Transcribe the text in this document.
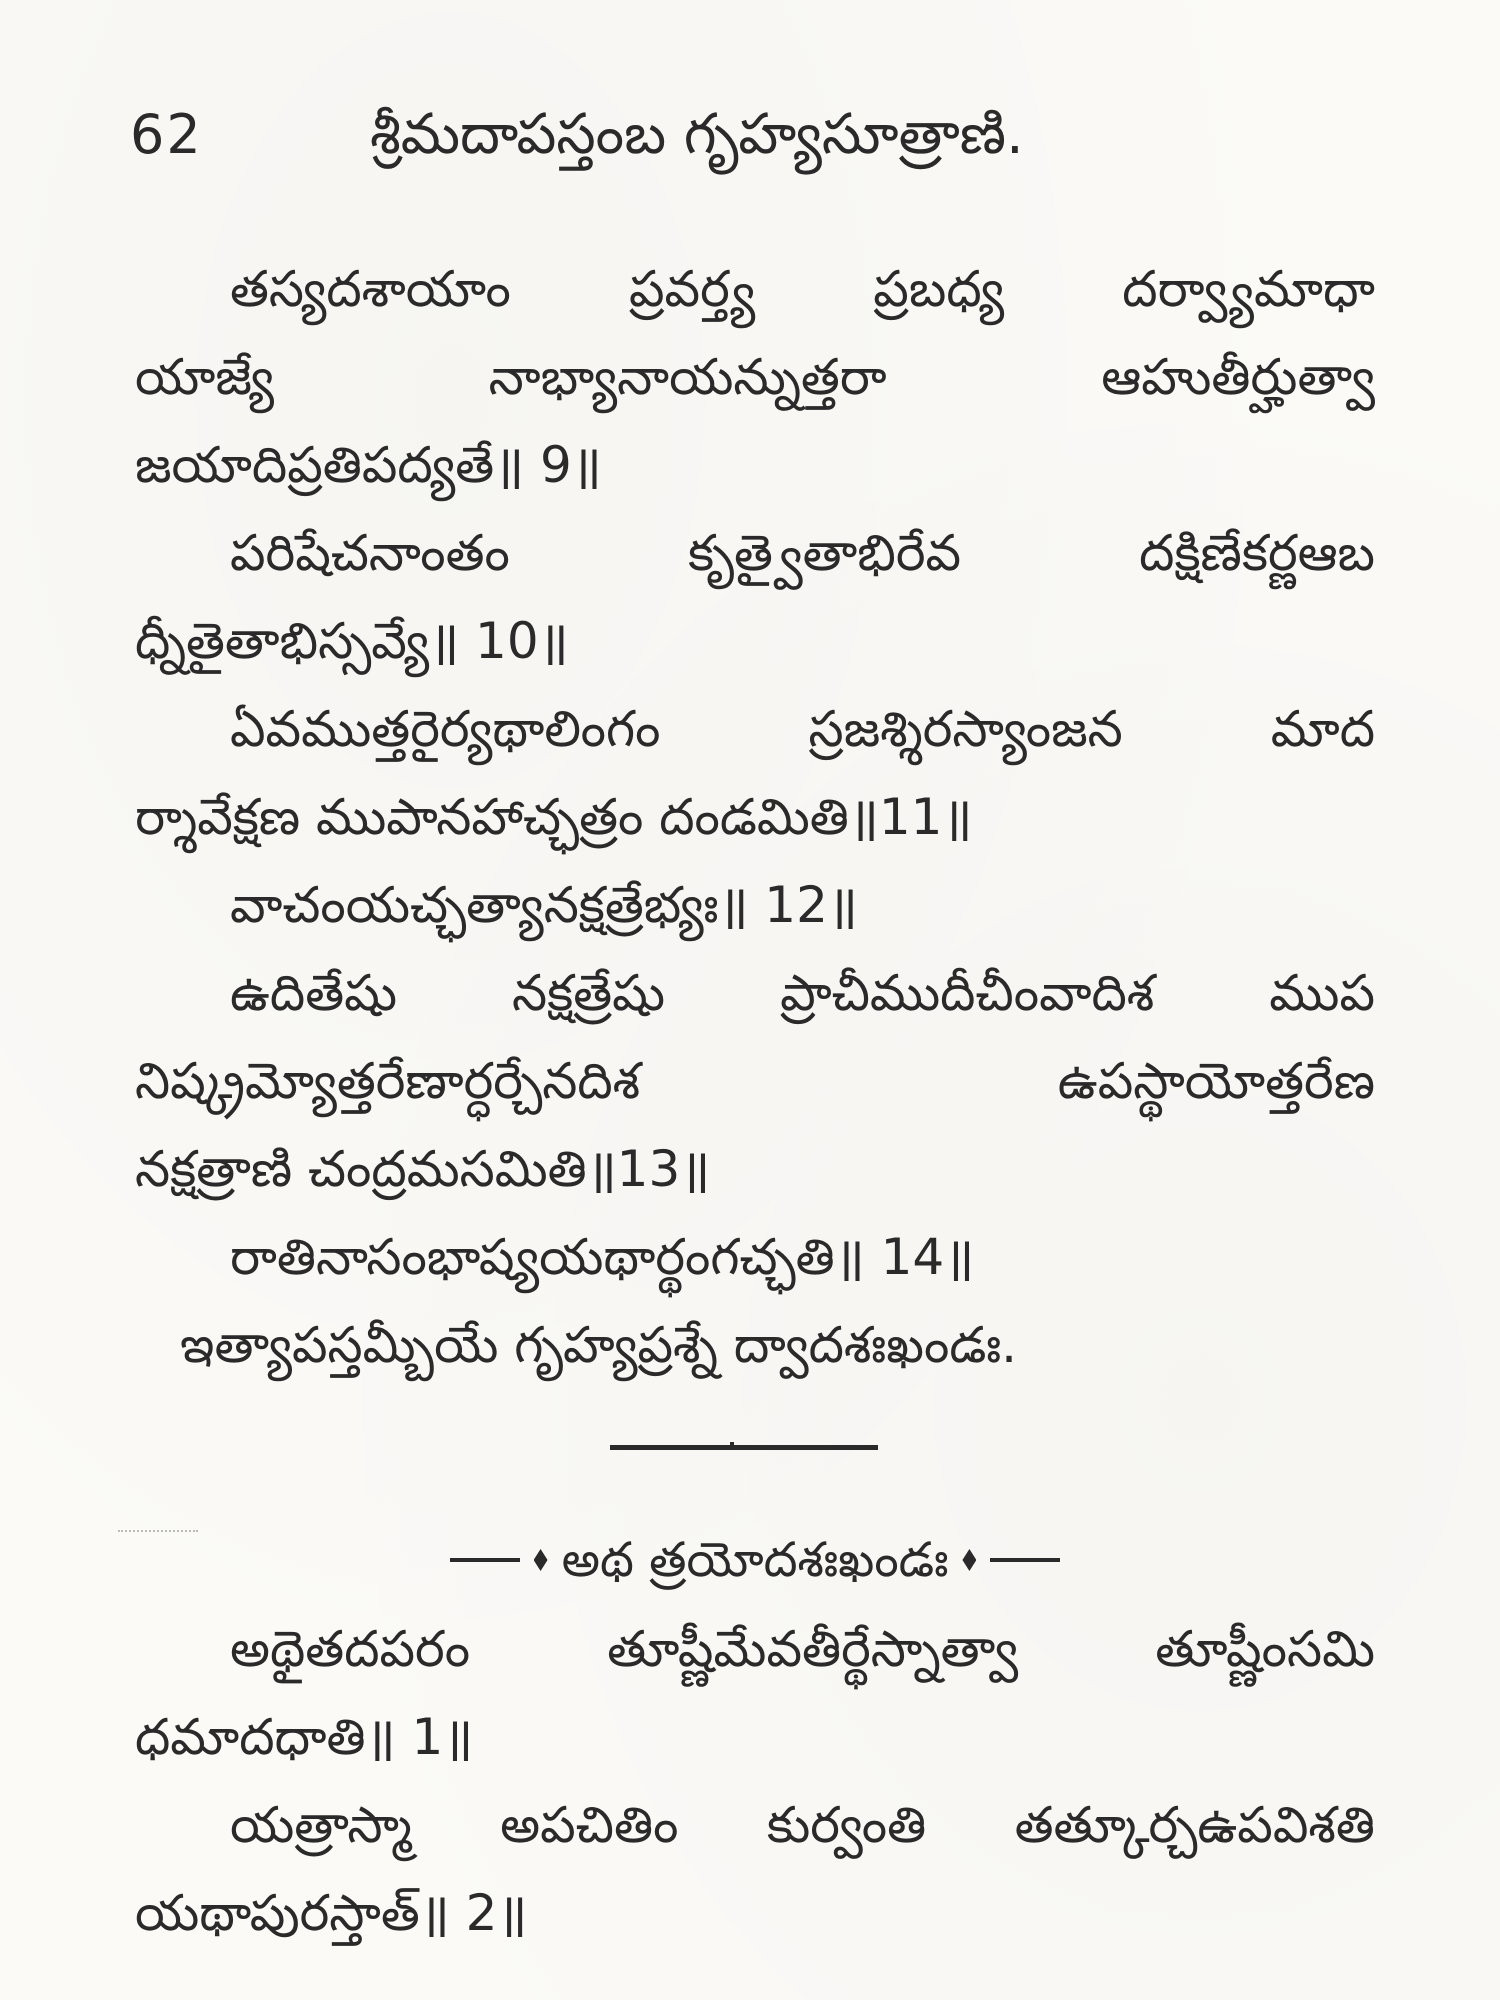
62	శ్రీమదాపస్తంబ గృహ్యసూత్రాణి.
తస్యదశాయాం ప్రవర్త్య ప్రబధ్య దర్వ్యామాధా
యాజ్యే నాభ్యానాయన్నుత్తరా ఆహుతీర్హుత్వా
జయాదిప్రతిపద్యతే॥ 9॥
పరిషేచనాంతం కృత్వైతాభిరేవ దక్షిణేకర్ణఆబ
ధ్నీతైతాభిస్సవ్యే॥ 10॥
ఏవముత్తరైర్యథాలింగం స్రజశ్శిరస్యాంజన మాద
ర్శావేక్షణ ముపానహాచ్ఛత్రం దండమితి॥11॥
వాచంయచ్ఛత్యానక్షత్రేభ్యః॥ 12॥
ఉదితేషు నక్షత్రేషు ప్రాచీముదీచీంవాదిశ ముప
నిష్క్రమ్యోత్తరేణార్ధర్చేనదిశ ఉపస్థాయోత్తరేణ
నక్షత్రాణి చంద్రమసమితి॥13॥
రాతినాసంభాష్యయథార్థంగచ్ఛతి॥ 14॥
ఇత్యాపస్తమ్బీయే గృహ్యప్రశ్నే ద్వాదశఃఖండః.
అథ త్రయోదశఃఖండః
అథైతదపరం తూష్ణీమేవతీర్థేస్నాత్వా తూష్ణీంసమి
ధమాదధాతి॥ 1॥
యత్రాస్మా అపచితిం కుర్వంతి తత్కూర్చఉపవిశతి
యథాపురస్తాత్॥ 2॥
